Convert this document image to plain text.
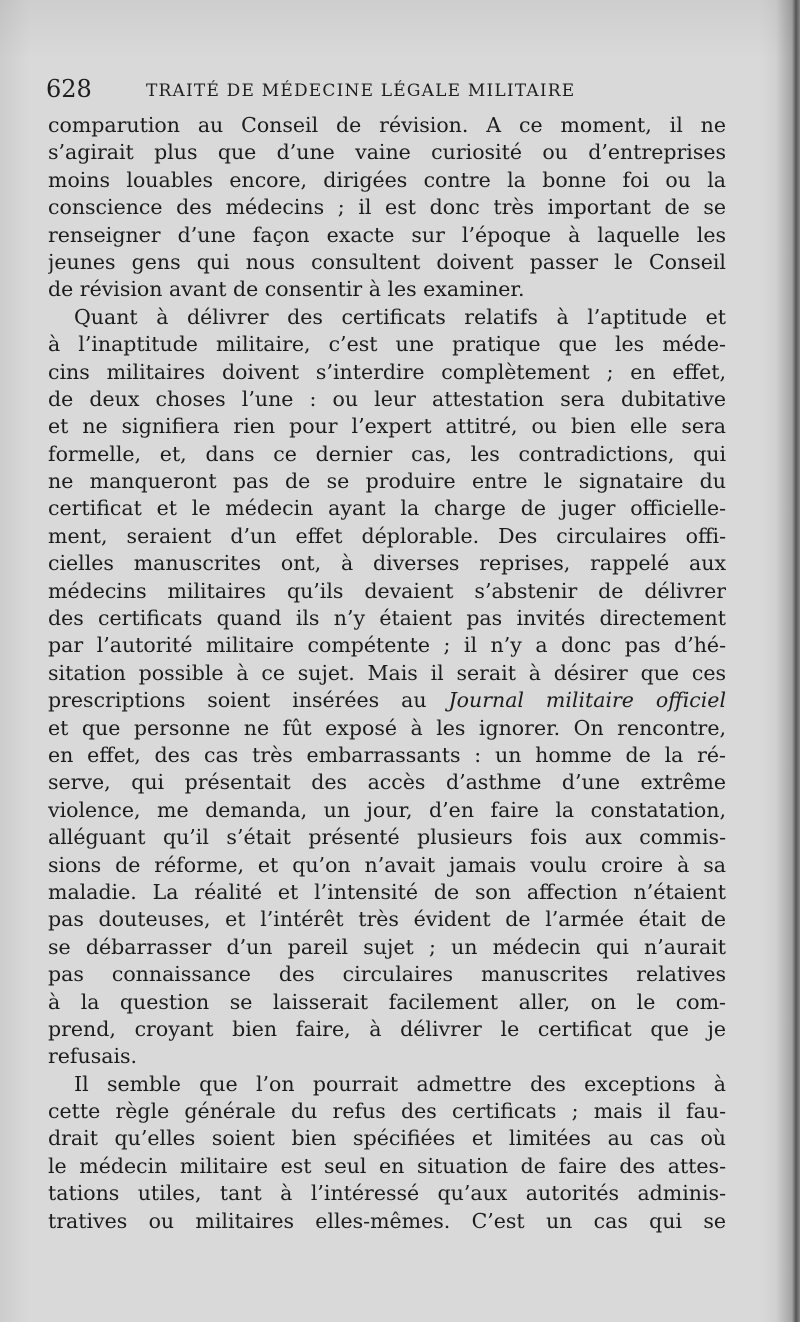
628	TRAITÉ DE MÉDECINE LÉGALE MILITAIRE
comparution au Conseil de révision. A ce moment, il ne
s’agirait plus que d’une vaine curiosité ou d’entreprises
moins louables encore, dirigées contre la bonne foi ou la
conscience des médecins ; il est donc très important de se
renseigner d’une façon exacte sur l’époque à laquelle les
jeunes gens qui nous consultent doivent passer le Conseil
de révision avant de consentir à les examiner.
Quant à délivrer des certificats relatifs à l’aptitude et
à l’inaptitude militaire, c’est une pratique que les méde-
cins militaires doivent s’interdire complètement ; en effet,
de deux choses l’une : ou leur attestation sera dubitative
et ne signifiera rien pour l’expert attitré, ou bien elle sera
formelle, et, dans ce dernier cas, les contradictions, qui
ne manqueront pas de se produire entre le signataire du
certificat et le médecin ayant la charge de juger officielle-
ment, seraient d’un effet déplorable. Des circulaires offi-
cielles manuscrites ont, à diverses reprises, rappelé aux
médecins militaires qu’ils devaient s’abstenir de délivrer
des certificats quand ils n’y étaient pas invités directement
par l’autorité militaire compétente ; il n’y a donc pas d’hé-
sitation possible à ce sujet. Mais il serait à désirer que ces
prescriptions soient insérées au Journal militaire officiel
et que personne ne fût exposé à les ignorer. On rencontre,
en effet, des cas très embarrassants : un homme de la ré-
serve, qui présentait des accès d’asthme d’une extrême
violence, me demanda, un jour, d’en faire la constatation,
alléguant qu’il s’était présenté plusieurs fois aux commis-
sions de réforme, et qu’on n’avait jamais voulu croire à sa
maladie. La réalité et l’intensité de son affection n’étaient
pas douteuses, et l’intérêt très évident de l’armée était de
se débarrasser d’un pareil sujet ; un médecin qui n’aurait
pas connaissance des circulaires manuscrites relatives
à la question se laisserait facilement aller, on le com-
prend, croyant bien faire, à délivrer le certificat que je
refusais.
Il semble que l’on pourrait admettre des exceptions à
cette règle générale du refus des certificats ; mais il fau-
drait qu’elles soient bien spécifiées et limitées au cas où
le médecin militaire est seul en situation de faire des attes-
tations utiles, tant à l’intéressé qu’aux autorités adminis-
tratives ou militaires elles-mêmes. C’est un cas qui se
